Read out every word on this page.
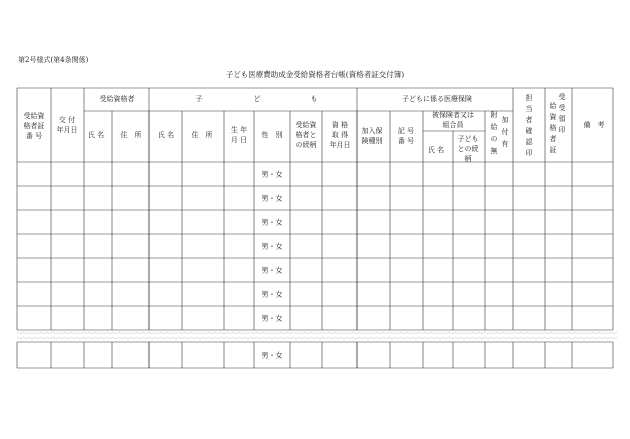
第2号様式(第4条関係)
子ども医療費助成金受給資格者台帳(資格者証交付簿)
受給資
格者証
番 号
交 付
年月日
受給資格者
氏 名 住　所
子	ど	も
氏 名 住　所
生 年
月 日
性　別
受給資
格者と
の続柄
資 格
取 得
年月日
子どもに係る医療保険
加入保
険種別
記 号
番 号
被保険者又は
組合員
氏 名
子ども
との続
柄
加
付
有
附
給
の
無
担
当
者
確
認
印
受
給
資
格
者
証
受
領
印
備　考
男・女
男・女
男・女
男・女
男・女
男・女
男・女
男・女
